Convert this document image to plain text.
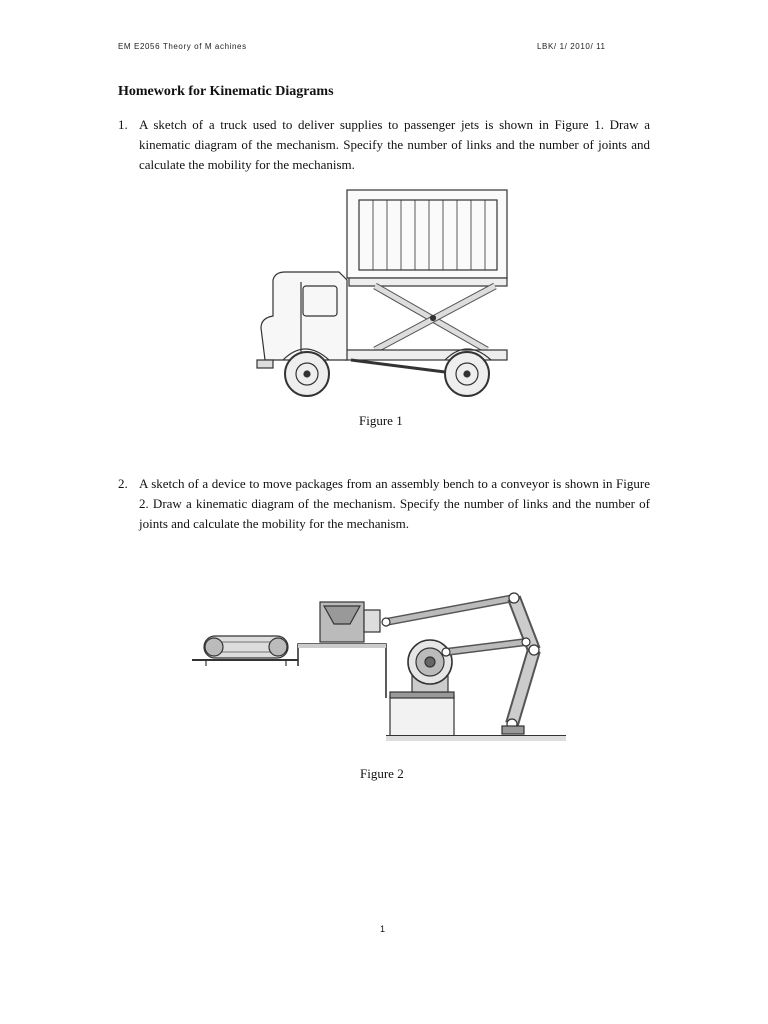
EM E2056 Theory of M achines	LBK/ 1/ 2010/ 11
Homework for Kinematic Diagrams
1. A sketch of a truck used to deliver supplies to passenger jets is shown in Figure 1. Draw a kinematic diagram of the mechanism. Specify the number of links and the number of joints and calculate the mobility for the mechanism.
Figure 1
2. A sketch of a device to move packages from an assembly bench to a conveyor is shown in Figure 2. Draw a kinematic diagram of the mechanism. Specify the number of links and the number of joints and calculate the mobility for the mechanism.
Figure 2
1
